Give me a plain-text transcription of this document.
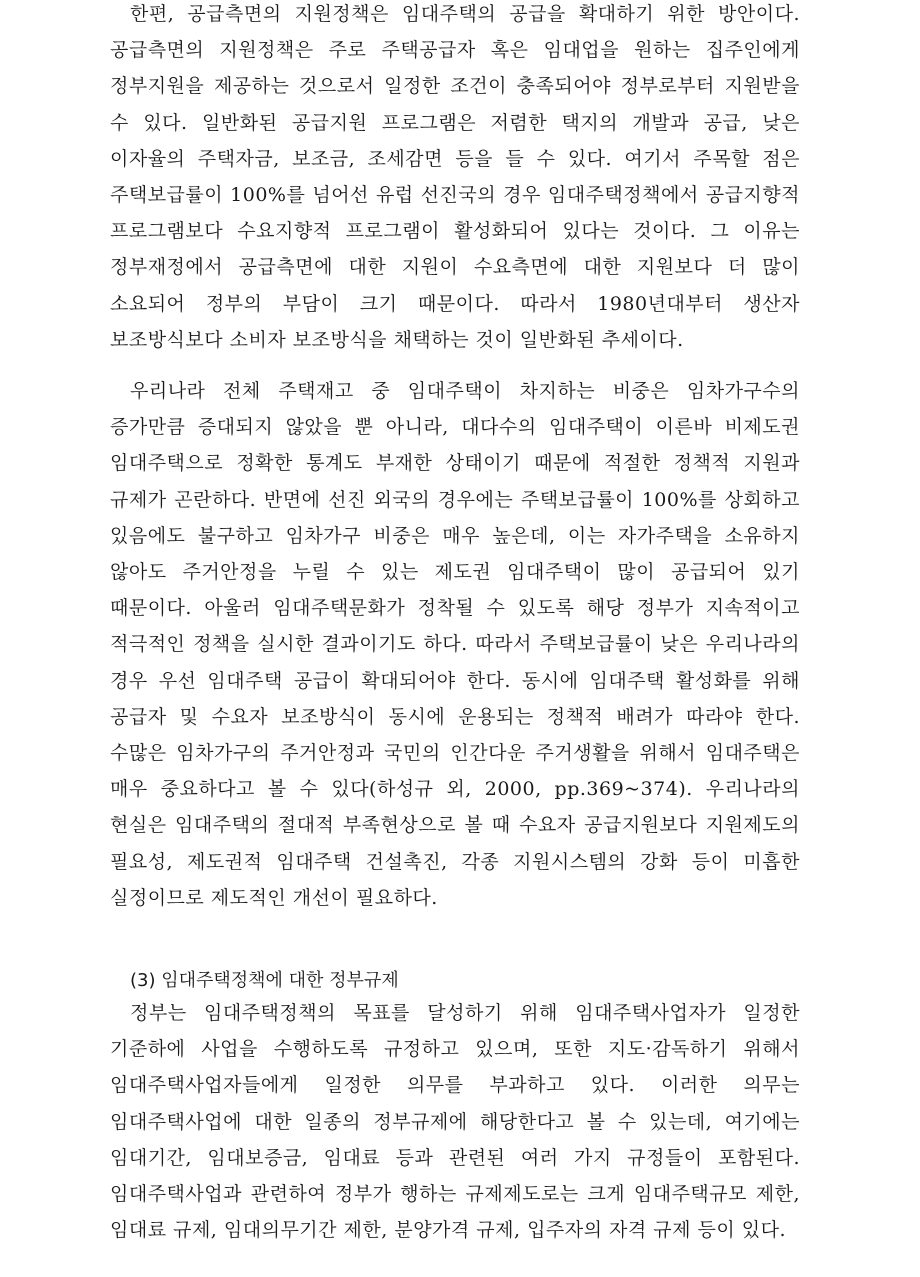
한편, 공급측면의 지원정책은 임대주택의 공급을 확대하기 위한 방안이다. 공급측면의 지원정책은 주로 주택공급자 혹은 임대업을 원하는 집주인에게 정부지원을 제공하는 것으로서 일정한 조건이 충족되어야 정부로부터 지원받을 수 있다. 일반화된 공급지원 프로그램은 저렴한 택지의 개발과 공급, 낮은 이자율의 주택자금, 보조금, 조세감면 등을 들 수 있다. 여기서 주목할 점은 주택보급률이 100%를 넘어선 유럽 선진국의 경우 임대주택정책에서 공급지향적 프로그램보다 수요지향적 프로그램이 활성화되어 있다는 것이다. 그 이유는 정부재정에서 공급측면에 대한 지원이 수요측면에 대한 지원보다 더 많이 소요되어 정부의 부담이 크기 때문이다. 따라서 1980년대부터 생산자 보조방식보다 소비자 보조방식을 채택하는 것이 일반화된 추세이다.

우리나라 전체 주택재고 중 임대주택이 차지하는 비중은 임차가구수의 증가만큼 증대되지 않았을 뿐 아니라, 대다수의 임대주택이 이른바 비제도권 임대주택으로 정확한 통계도 부재한 상태이기 때문에 적절한 정책적 지원과 규제가 곤란하다. 반면에 선진 외국의 경우에는 주택보급률이 100%를 상회하고 있음에도 불구하고 임차가구 비중은 매우 높은데, 이는 자가주택을 소유하지 않아도 주거안정을 누릴 수 있는 제도권 임대주택이 많이 공급되어 있기 때문이다. 아울러 임대주택문화가 정착될 수 있도록 해당 정부가 지속적이고 적극적인 정책을 실시한 결과이기도 하다. 따라서 주택보급률이 낮은 우리나라의 경우 우선 임대주택 공급이 확대되어야 한다. 동시에 임대주택 활성화를 위해 공급자 및 수요자 보조방식이 동시에 운용되는 정책적 배려가 따라야 한다. 수많은 임차가구의 주거안정과 국민의 인간다운 주거생활을 위해서 임대주택은 매우 중요하다고 볼 수 있다(하성규 외, 2000, pp.369~374). 우리나라의 현실은 임대주택의 절대적 부족현상으로 볼 때 수요자 공급지원보다 지원제도의 필요성, 제도권적 임대주택 건설촉진, 각종 지원시스템의 강화 등이 미흡한 실정이므로 제도적인 개선이 필요하다.

(3) 임대주택정책에 대한 정부규제

정부는 임대주택정책의 목표를 달성하기 위해 임대주택사업자가 일정한 기준하에 사업을 수행하도록 규정하고 있으며, 또한 지도·감독하기 위해서 임대주택사업자들에게 일정한 의무를 부과하고 있다. 이러한 의무는 임대주택사업에 대한 일종의 정부규제에 해당한다고 볼 수 있는데, 여기에는 임대기간, 임대보증금, 임대료 등과 관련된 여러 가지 규정들이 포함된다. 임대주택사업과 관련하여 정부가 행하는 규제제도로는 크게 임대주택규모 제한, 임대료 규제, 임대의무기간 제한, 분양가격 규제, 입주자의 자격 규제 등이 있다.
